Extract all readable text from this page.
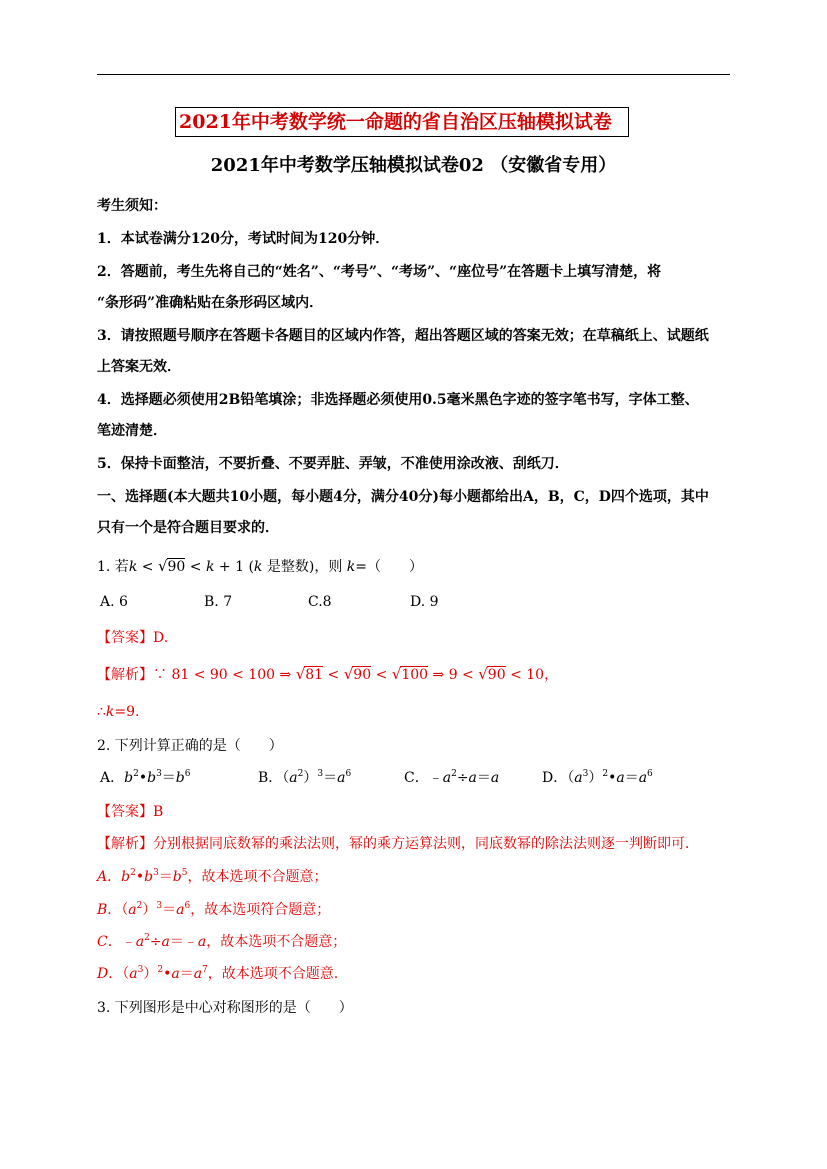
2021年中考数学统一命题的省自治区压轴模拟试卷
2021年中考数学压轴模拟试卷02 （安徽省专用）
考生须知：
1．本试卷满分120分，考试时间为120分钟．
2．答题前，考生先将自己的“姓名”、“考号”、“考场”、“座位号”在答题卡上填写清楚，将
“条形码”准确粘贴在条形码区域内．
3．请按照题号顺序在答题卡各题目的区域内作答，超出答题区域的答案无效；在草稿纸上、试题纸
上答案无效．
4．选择题必须使用2B铅笔填涂；非选择题必须使用0.5毫米黑色字迹的签字笔书写，字体工整、
笔迹清楚．
5．保持卡面整洁，不要折叠、不要弄脏、弄皱，不准使用涂改液、刮纸刀．
一、选择题(本大题共10小题，每小题4分，满分40分)每小题都给出A，B，C，D四个选项，其中
只有一个是符合题目要求的．
1. 若k < √90 < k + 1 (k 是整数)，则 k=（　　）
A. 6	B. 7	C.8	D. 9
【答案】D.
【解析】∵ 81 < 90 < 100 ⇒ √81 < √90 < √100 ⇒ 9 < √90 < 10，
∴k=9.
2. 下列计算正确的是（　　）
A．$b^2•b^3=b^6$	B．$(a^2)^3=a^6$	C．$﹣a^2\div a=a$	D．$(a^3)^2•a=a^6$
【答案】B
【解析】分别根据同底数幂的乘法法则，幂的乘方运算法则，同底数幂的除法法则逐一判断即可．
A．$b^2•b^3=b^5$，故本选项不合题意；
B．$(a^2)^3=a^6$，故本选项符合题意；
C．$﹣a^2\div a=﹣a$，故本选项不合题意；
D．$(a^3)^2•a=a^7$，故本选项不合题意.
3. 下列图形是中心对称图形的是（　　）
